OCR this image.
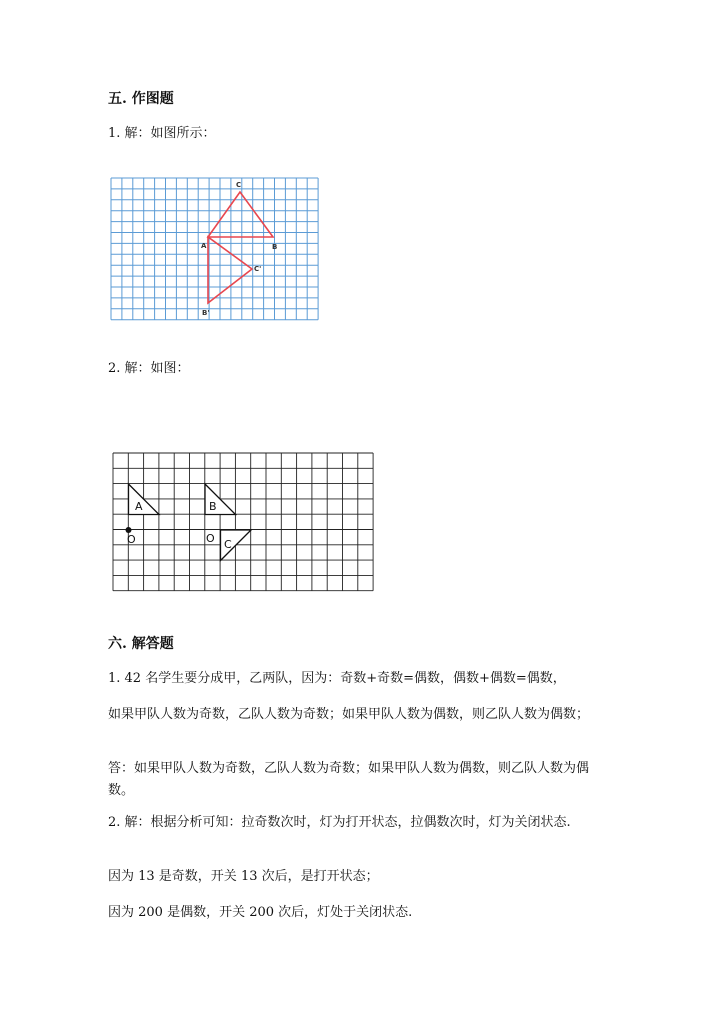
五. 作图题
1. 解：如图所示：
C
A	B
C'
B'
2. 解：如图：
A	B
C
O	O
六. 解答题
1. 42 名学生要分成甲，乙两队，因为：奇数+奇数=偶数，偶数+偶数=偶数，
如果甲队人数为奇数，乙队人数为奇数；如果甲队人数为偶数，则乙队人数为偶数；
答：如果甲队人数为奇数，乙队人数为奇数；如果甲队人数为偶数，则乙队人数为偶数。
2. 解：根据分析可知：拉奇数次时，灯为打开状态，拉偶数次时，灯为关闭状态.
因为 13 是奇数，开关 13 次后，是打开状态；
因为 200 是偶数，开关 200 次后，灯处于关闭状态.
